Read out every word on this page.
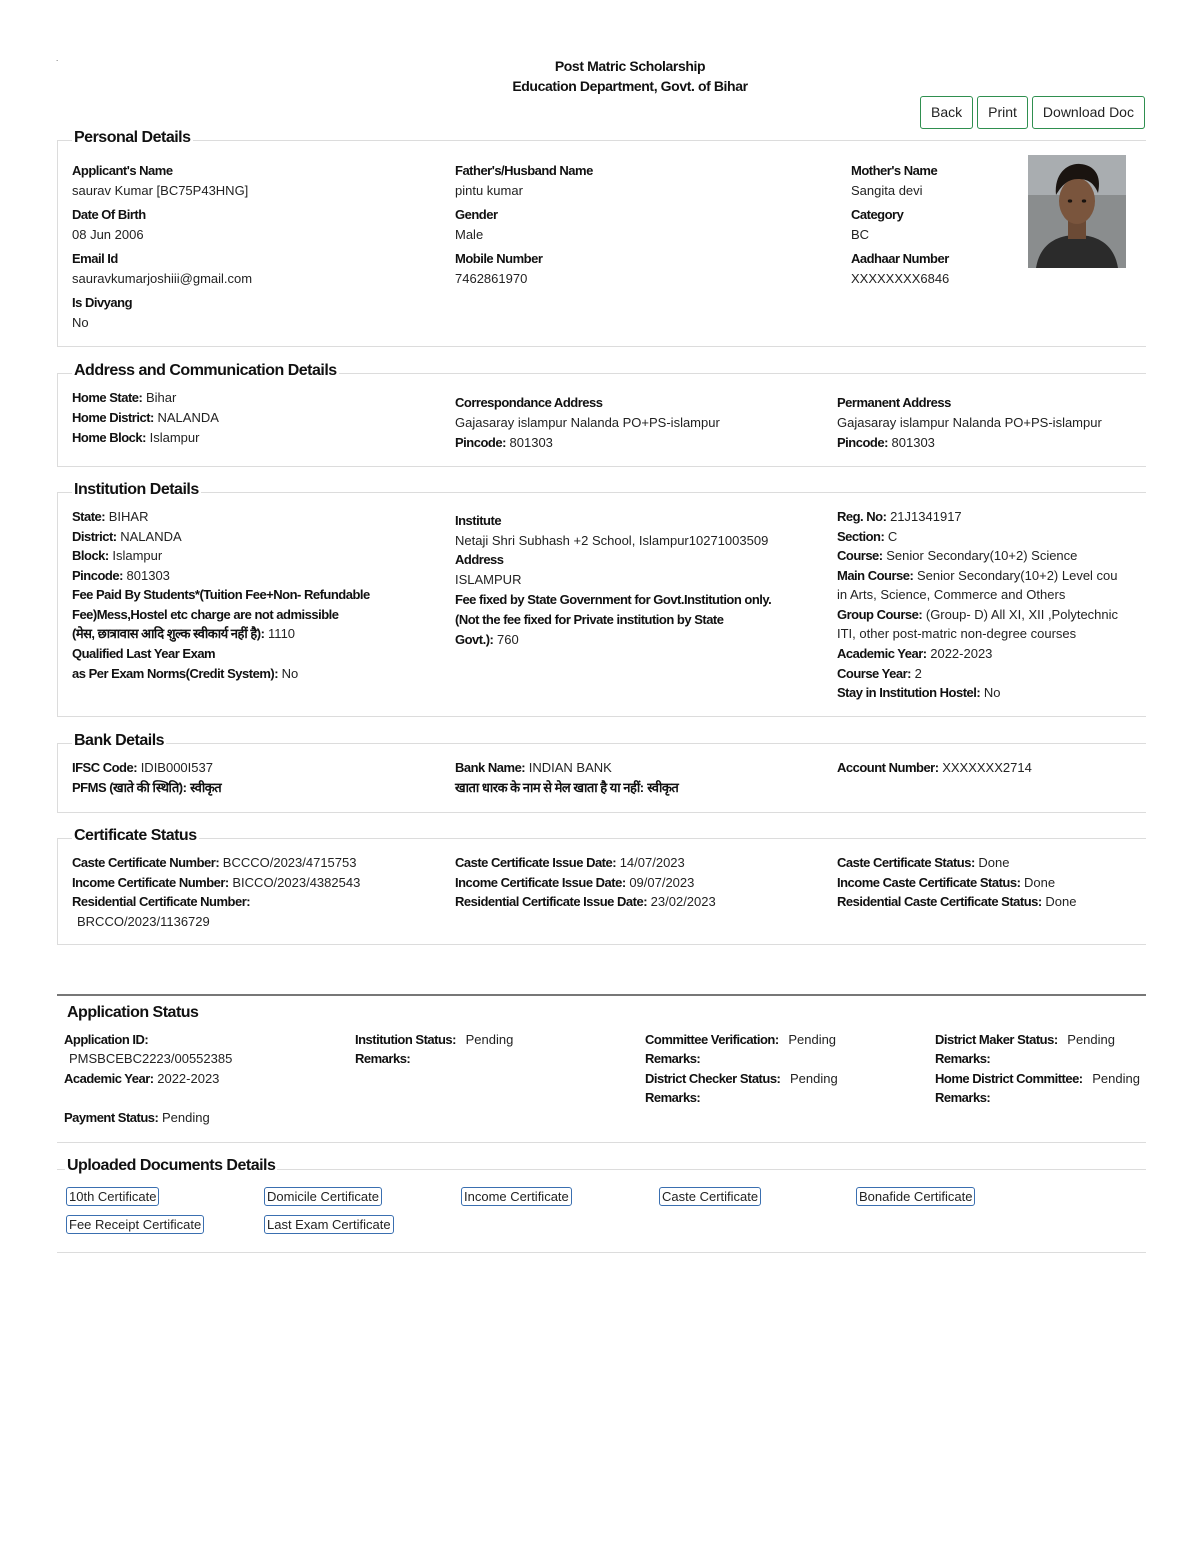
.	Post Matric Scholarship
Education Department, Govt. of Bihar
Back	Print	Download Doc
Applicant's Name
saurav Kumar [BC75P43HNG]
Date Of Birth
08 Jun 2006
Email Id
sauravkumarjoshiii@gmail.com
Is Divyang
No
Father's/Husband Name
pintu kumar
Gender
Male
Mobile Number
7462861970
Mother's Name
Sangita devi
Category
BC
Aadhaar Number
XXXXXXXX6846
Personal Details
Home State: Bihar
Home District: NALANDA
Home Block: Islampur
Correspondance Address
Gajasaray islampur Nalanda PO+PS-islampur
Pincode: 801303
Permanent Address
Gajasaray islampur Nalanda PO+PS-islampur
Pincode: 801303
Address and Communication Details
State: BIHAR
District: NALANDA
Block: Islampur
Pincode: 801303
Fee Paid By Students*(Tuition Fee+Non- Refundable
Fee)Mess,Hostel etc charge are not admissible
(मेस, छात्रावास आदि शुल्क स्वीकार्य नहीं है): 1110
Qualified Last Year Exam
as Per Exam Norms(Credit System): No
Institute
Netaji Shri Subhash +2 School, Islampur10271003509
Address
ISLAMPUR
Fee fixed by State Government for Govt.Institution only.
(Not the fee fixed for Private institution by State
Govt.): 760
Reg. No: 21J1341917
Section: C
Course: Senior Secondary(10+2) Science
Main Course: Senior Secondary(10+2) Level cou
in Arts, Science, Commerce and Others
Group Course: (Group- D) All XI, XII ,Polytechnic
ITI, other post-matric non-degree courses
Academic Year: 2022-2023
Course Year: 2
Stay in Institution Hostel: No
Institution Details
IFSC Code: IDIB000I537
PFMS (खाते की स्थिति): स्वीकृत
Bank Name: INDIAN BANK
खाता धारक के नाम से मेल खाता है या नहीं: स्वीकृत
Account Number: XXXXXXX2714
Bank Details
Caste Certificate Number: BCCCO/2023/4715753
Income Certificate Number: BICCO/2023/4382543
Residential Certificate Number:
BRCCO/2023/1136729
Caste Certificate Issue Date: 14/07/2023
Income Certificate Issue Date: 09/07/2023
Residential Certificate Issue Date: 23/02/2023
Caste Certificate Status: Done
Income Caste Certificate Status: Done
Residential Caste Certificate Status: Done
Certificate Status
Application Status
Application ID:
PMSBCEBC2223/00552385
Academic Year: 2022-2023
Payment Status: Pending
Institution Status: Pending
Remarks:
Committee Verification: Pending
Remarks:
District Checker Status: Pending
Remarks:
District Maker Status: Pending
Remarks:
Home District Committee: Pending
Remarks:
Uploaded Documents Details
10th Certificate	Domicile Certificate	Income Certificate	Caste Certificate	Bonafide Certificate
Fee Receipt Certificate	Last Exam Certificate
